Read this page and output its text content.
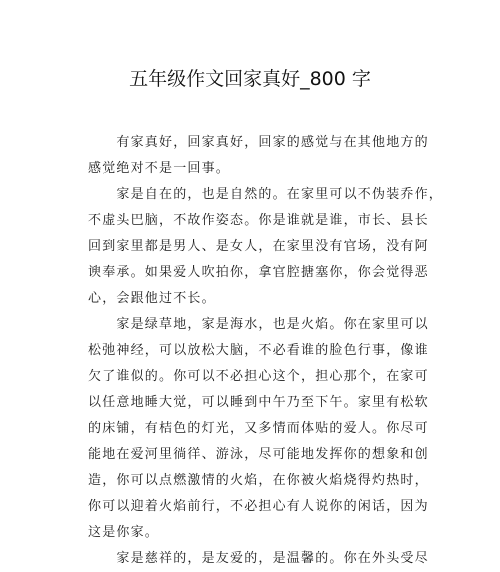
五年级作文回家真好_800 字
　　有家真好，回家真好，回家的感觉与在其他地方的
感觉绝对不是一回事。
　　家是自在的，也是自然的。在家里可以不伪装乔作，
不虚头巴脑，不故作姿态。你是谁就是谁，市长、县长
回到家里都是男人、是女人，在家里没有官场，没有阿
谀奉承。如果爱人吹拍你，拿官腔搪塞你，你会觉得恶
心，会跟他过不长。
　　家是绿草地，家是海水，也是火焰。你在家里可以
松弛神经，可以放松大脑，不必看谁的脸色行事，像谁
欠了谁似的。你可以不必担心这个，担心那个，在家可
以任意地睡大觉，可以睡到中午乃至下午。家里有松软
的床铺，有桔色的灯光，又多情而体贴的爱人。你尽可
能地在爱河里徜徉、游泳，尽可能地发挥你的想象和创
造，你可以点燃激情的火焰，在你被火焰烧得灼热时，
你可以迎着火焰前行，不必担心有人说你的闲话，因为
这是你家。
　　家是慈祥的，是友爱的，是温馨的。你在外头受尽
